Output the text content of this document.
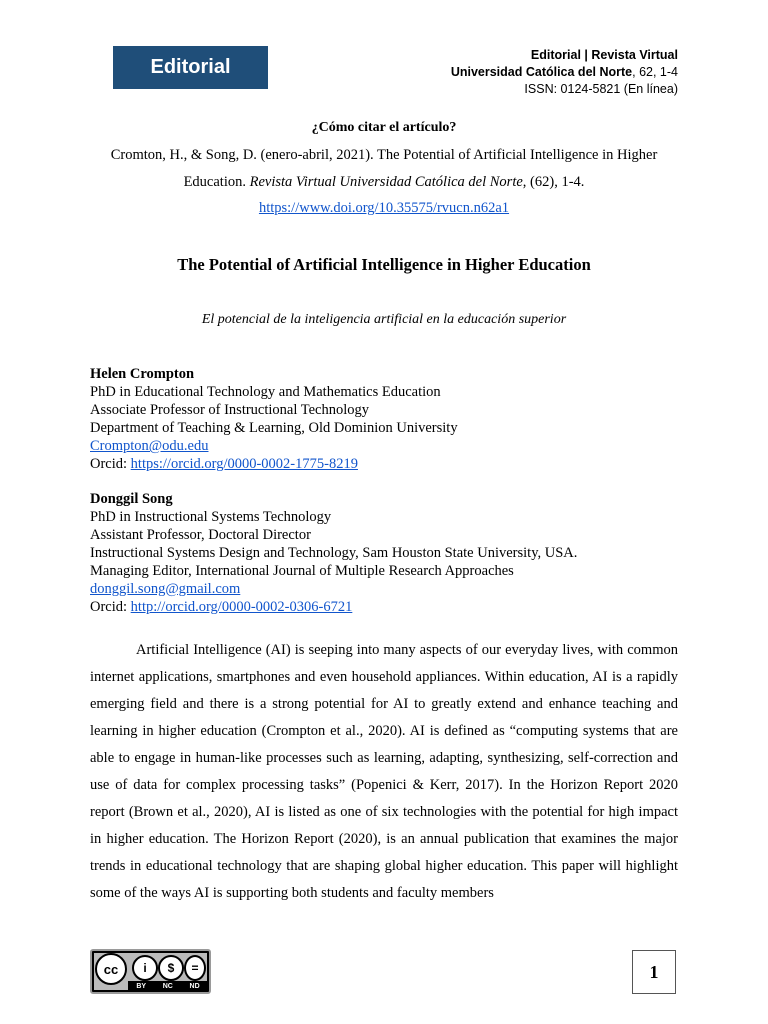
Editorial
Editorial | Revista Virtual
Universidad Católica del Norte, 62, 1-4
ISSN: 0124-5821 (En línea)
¿Cómo citar el artículo?
Cromton, H., & Song, D. (enero-abril, 2021). The Potential of Artificial Intelligence in Higher
Education. Revista Virtual Universidad Católica del Norte, (62), 1-4.
https://www.doi.org/10.35575/rvucn.n62a1
The Potential of Artificial Intelligence in Higher Education
El potencial de la inteligencia artificial en la educación superior
Helen Crompton
PhD in Educational Technology and Mathematics Education
Associate Professor of Instructional Technology
Department of Teaching & Learning, Old Dominion University
Crompton@odu.edu
Orcid: https://orcid.org/0000-0002-1775-8219
Donggil Song
PhD in Instructional Systems Technology
Assistant Professor, Doctoral Director
Instructional Systems Design and Technology, Sam Houston State University, USA.
Managing Editor, International Journal of Multiple Research Approaches
donggil.song@gmail.com
Orcid: http://orcid.org/0000-0002-0306-6721
Artificial Intelligence (AI) is seeping into many aspects of our everyday lives, with common internet applications, smartphones and even household appliances. Within education, AI is a rapidly emerging field and there is a strong potential for AI to greatly extend and enhance teaching and learning in higher education (Crompton et al., 2020). AI is defined as “computing systems that are able to engage in human-like processes such as learning, adapting, synthesizing, self-correction and use of data for complex processing tasks” (Popenici & Kerr, 2017). In the Horizon Report 2020 report (Brown et al., 2020), AI is listed as one of six technologies with the potential for high impact in higher education. The Horizon Report (2020), is an annual publication that examines the major trends in educational technology that are shaping global higher education. This paper will highlight some of the ways AI is supporting both students and faculty members
cc	i	$	=
BY NC ND
1
